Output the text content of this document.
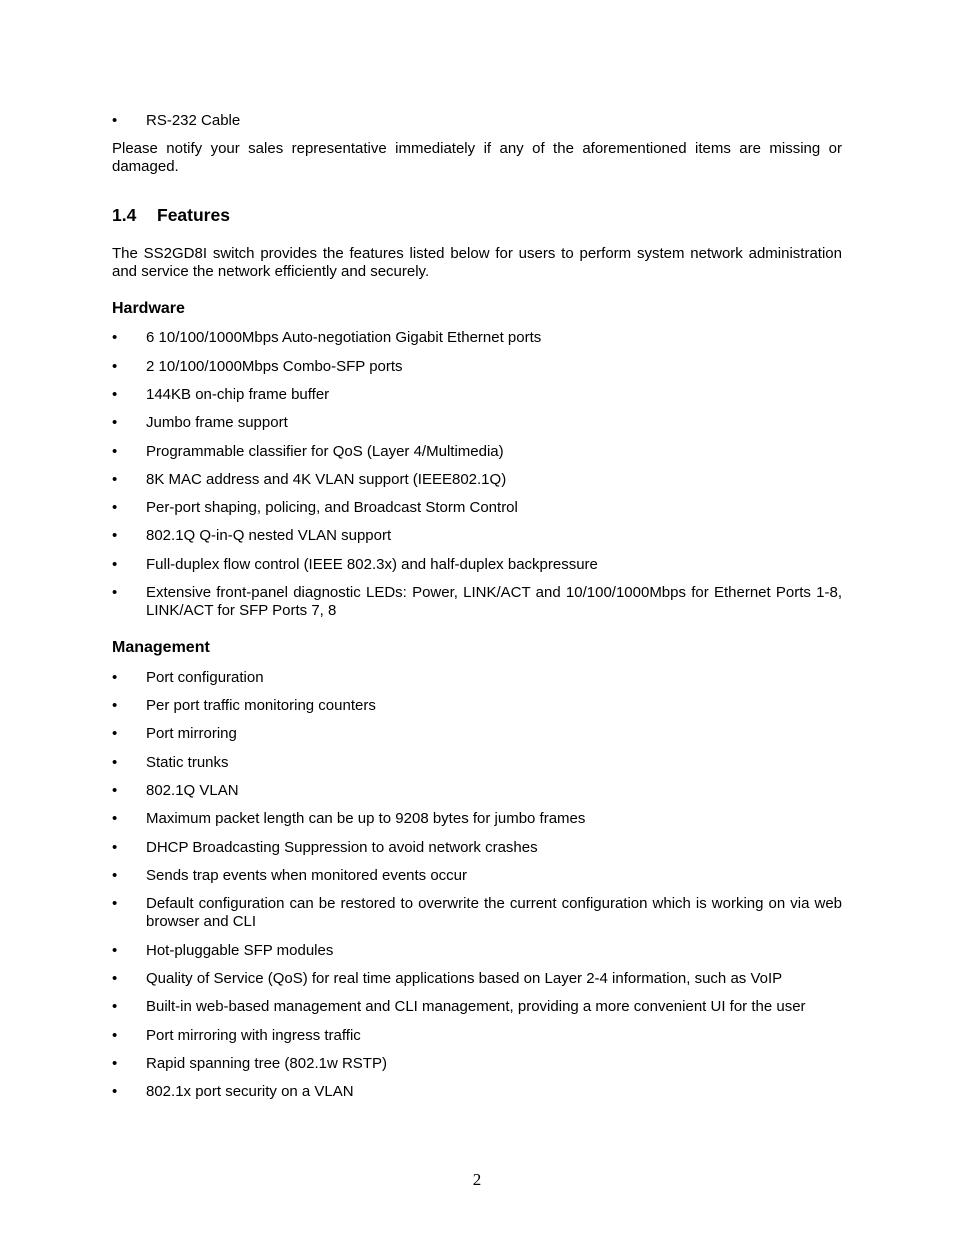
•	RS-232 Cable

Please notify your sales representative immediately if any of the aforementioned items are missing or damaged.

1.4 Features

The SS2GD8I switch provides the features listed below for users to perform system network administration and service the network efficiently and securely.

Hardware
•	6 10/100/1000Mbps Auto-negotiation Gigabit Ethernet ports
•	2 10/100/1000Mbps Combo-SFP ports
•	144KB on-chip frame buffer
•	Jumbo frame support
•	Programmable classifier for QoS (Layer 4/Multimedia)
•	8K MAC address and 4K VLAN support (IEEE802.1Q)
•	Per-port shaping, policing, and Broadcast Storm Control
•	802.1Q Q-in-Q nested VLAN support
•	Full-duplex flow control (IEEE 802.3x) and half-duplex backpressure
•	Extensive front-panel diagnostic LEDs: Power, LINK/ACT and 10/100/1000Mbps for Ethernet Ports 1-8, LINK/ACT for SFP Ports 7, 8
Management
•	Port configuration
•	Per port traffic monitoring counters
•	Port mirroring
•	Static trunks
•	802.1Q VLAN
•	Maximum packet length can be up to 9208 bytes for jumbo frames
•	DHCP Broadcasting Suppression to avoid network crashes
•	Sends trap events when monitored events occur
•	Default configuration can be restored to overwrite the current configuration which is working on via web browser and CLI
•	Hot-pluggable SFP modules
•	Quality of Service (QoS) for real time applications based on Layer 2-4 information, such as VoIP
•	Built-in web-based management and CLI management, providing a more convenient UI for the user
•	Port mirroring with ingress traffic
•	Rapid spanning tree (802.1w RSTP)
•	802.1x port security on a VLAN
2
